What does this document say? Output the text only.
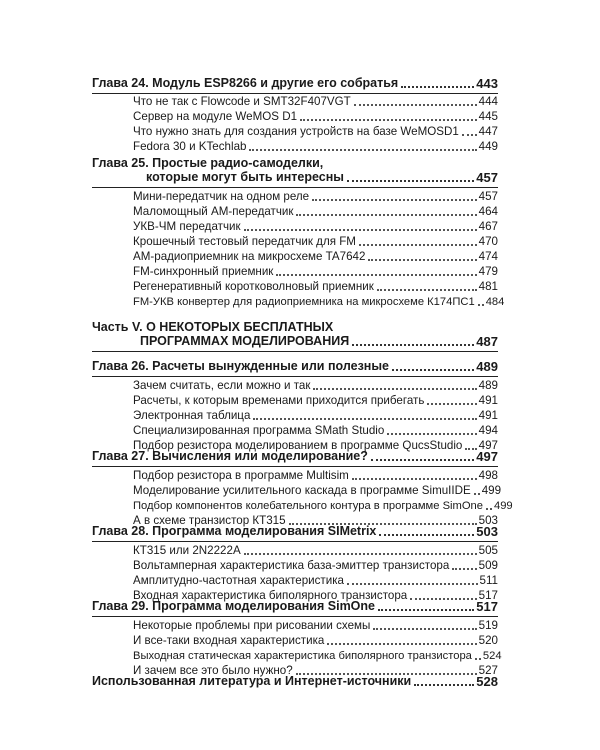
Глава 24. Модуль ESP8266 и другие его собратья	443
Что не так с Flowcode и SMT32F407VGT	444
Сервер на модуле WeMOS D1	445
Что нужно знать для создания устройств на базе WeMOSD1 447
Fedora 30 и KTechlab	449
Глава 25. Простые радио-самоделки,
которые могут быть интересны	457
Мини-передатчик на одном реле	457
Маломощный АМ-передатчик	464
УКВ-ЧМ передатчик	467
Крошечный тестовый передатчик для FM	470
АМ-радиоприемник на микросхеме TA7642	474
FM-синхронный приемник	479
Регенеративный коротковолновый приемник	481
FM-УКВ конвертер для радиоприемника на микросхеме К174ПС1 484
Часть V. О НЕКОТОРЫХ БЕСПЛАТНЫХ
ПРОГРАММАХ МОДЕЛИРОВАНИЯ	487
Глава 26. Расчеты вынужденные или полезные	489
Зачем считать, если можно и так	489
Расчеты, к которым временами приходится прибегать	491
Электронная таблица	491
Специализированная программа SMath Studio	494
Подбор резистора моделированием в программе QucsStudio 497
Глава 27. Вычисления или моделирование?	497
Подбор резистора в программе Multisim	498
Моделирование усилительного каскада в программе SimuIIDE 499
Подбор компонентов колебательного контура в программе SimOne 499
А в схеме транзистор КТ315	503
Глава 28. Программа моделирования SIMetrix	503
КТ315 или 2N2222A	505
Вольтамперная характеристика база-эмиттер транзистора	509
Амплитудно-частотная характеристика	511
Входная характеристика биполярного транзистора	517
Глава 29. Программа моделирования SimOne	517
Некоторые проблемы при рисовании схемы	519
И все-таки входная характеристика	520
Выходная статическая характеристика биполярного транзистора 524
И зачем все это было нужно?	527
Использованная литература и Интернет-источники	528
